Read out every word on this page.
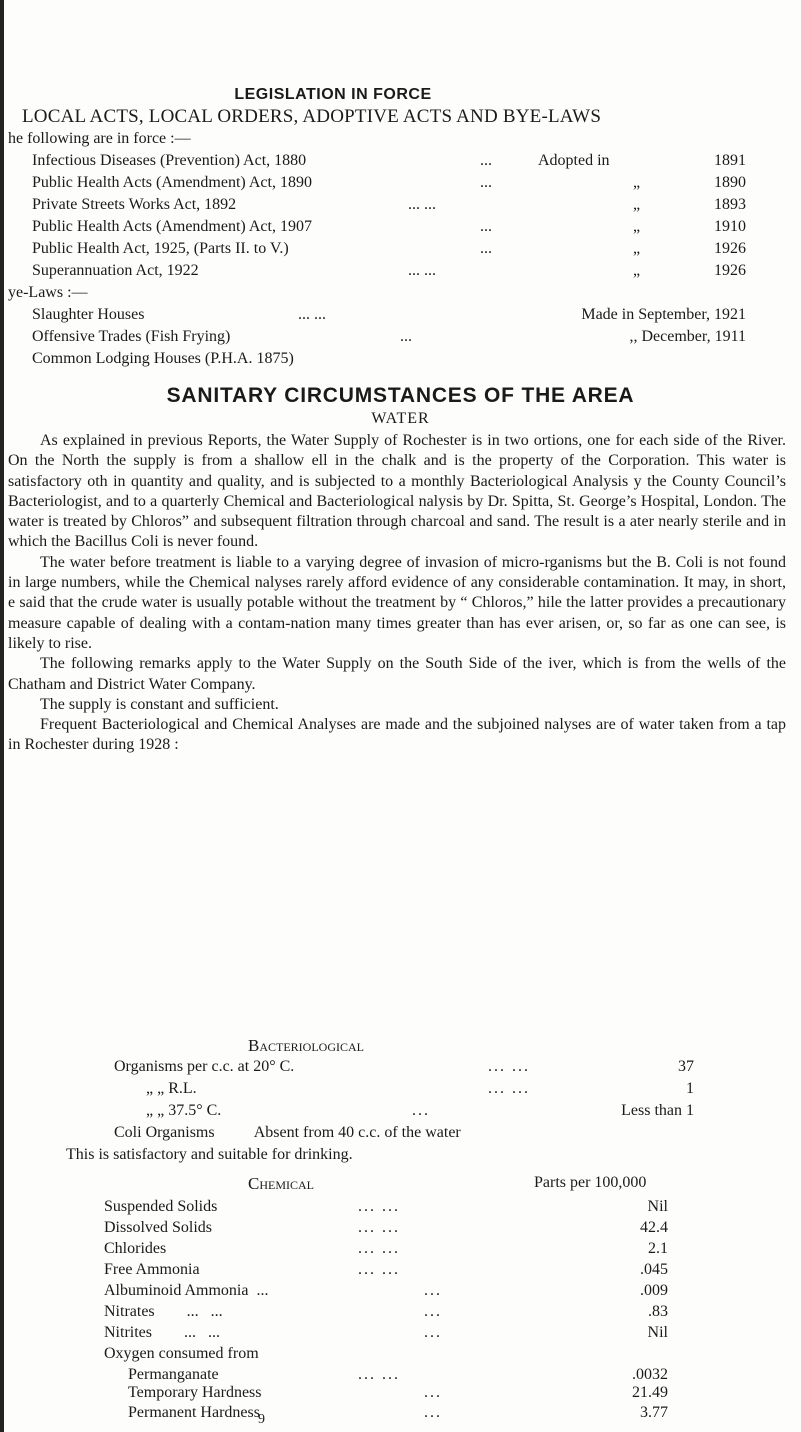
LEGISLATION IN FORCE
LOCAL ACTS, LOCAL ORDERS, ADOPTIVE ACTS AND BYE-LAWS
he following are in force :—
Infectious Diseases (Prevention) Act, 1880	...	Adopted in	1891
Public Health Acts (Amendment) Act, 1890	...	„	1890
Private Streets Works Act, 1892	... ...	„	1893
Public Health Acts (Amendment) Act, 1907	...	„	1910
Public Health Act, 1925, (Parts II. to V.)	...	„	1926
Superannuation Act, 1922	... ...	„	1926
ye-Laws :—
Slaughter Houses	... ...	Made in September, 1921
Offensive Trades (Fish Frying)	...	,, December, 1911
Common Lodging Houses (P.H.A. 1875)
SANITARY CIRCUMSTANCES OF THE AREA
WATER

As explained in previous Reports, the Water Supply of Rochester is in two ortions, one for each side of the River. On the North the supply is from a shallow ell in the chalk and is the property of the Corporation. This water is satisfactory oth in quantity and quality, and is subjected to a monthly Bacteriological Analysis y the County Council’s Bacteriologist, and to a quarterly Chemical and Bacteriological nalysis by Dr. Spitta, St. George’s Hospital, London. The water is treated by Chloros” and subsequent filtration through charcoal and sand. The result is a ater nearly sterile and in which the Bacillus Coli is never found.

The water before treatment is liable to a varying degree of invasion of micro-rganisms but the B. Coli is not found in large numbers, while the Chemical nalyses rarely afford evidence of any considerable contamination. It may, in short, e said that the crude water is usually potable without the treatment by “ Chloros,” hile the latter provides a precautionary measure capable of dealing with a contam-nation many times greater than has ever arisen, or, so far as one can see, is likely to rise.

The following remarks apply to the Water Supply on the South Side of the iver, which is from the wells of the Chatham and District Water Company.

The supply is constant and sufficient.

Frequent Bacteriological and Chemical Analyses are made and the subjoined nalyses are of water taken from a tap in Rochester during 1928 :

Bacteriological
Organisms per c.c. at 20° C.	... ...	37
„ „ R.L.	... ...	1
„ „ 37.5° C.	...	Less than 1
Coli Organisms          Absent from 40 c.c. of the water
This is satisfactory and suitable for drinking.
Chemical	Parts per 100,000
Suspended Solids	... ...	Nil
Dissolved Solids	... ...	42.4
Chlorides	... ...	2.1
Free Ammonia	... ...	.045
Albuminoid Ammonia  ...	...	.009
Nitrates        ...   ...	...	.83
Nitrites        ...   ...	...	Nil
Oxygen consumed from
Permanganate	... ...	.0032
Temporary Hardness	...	21.49
Permanent Hardness	...	3.77
9
